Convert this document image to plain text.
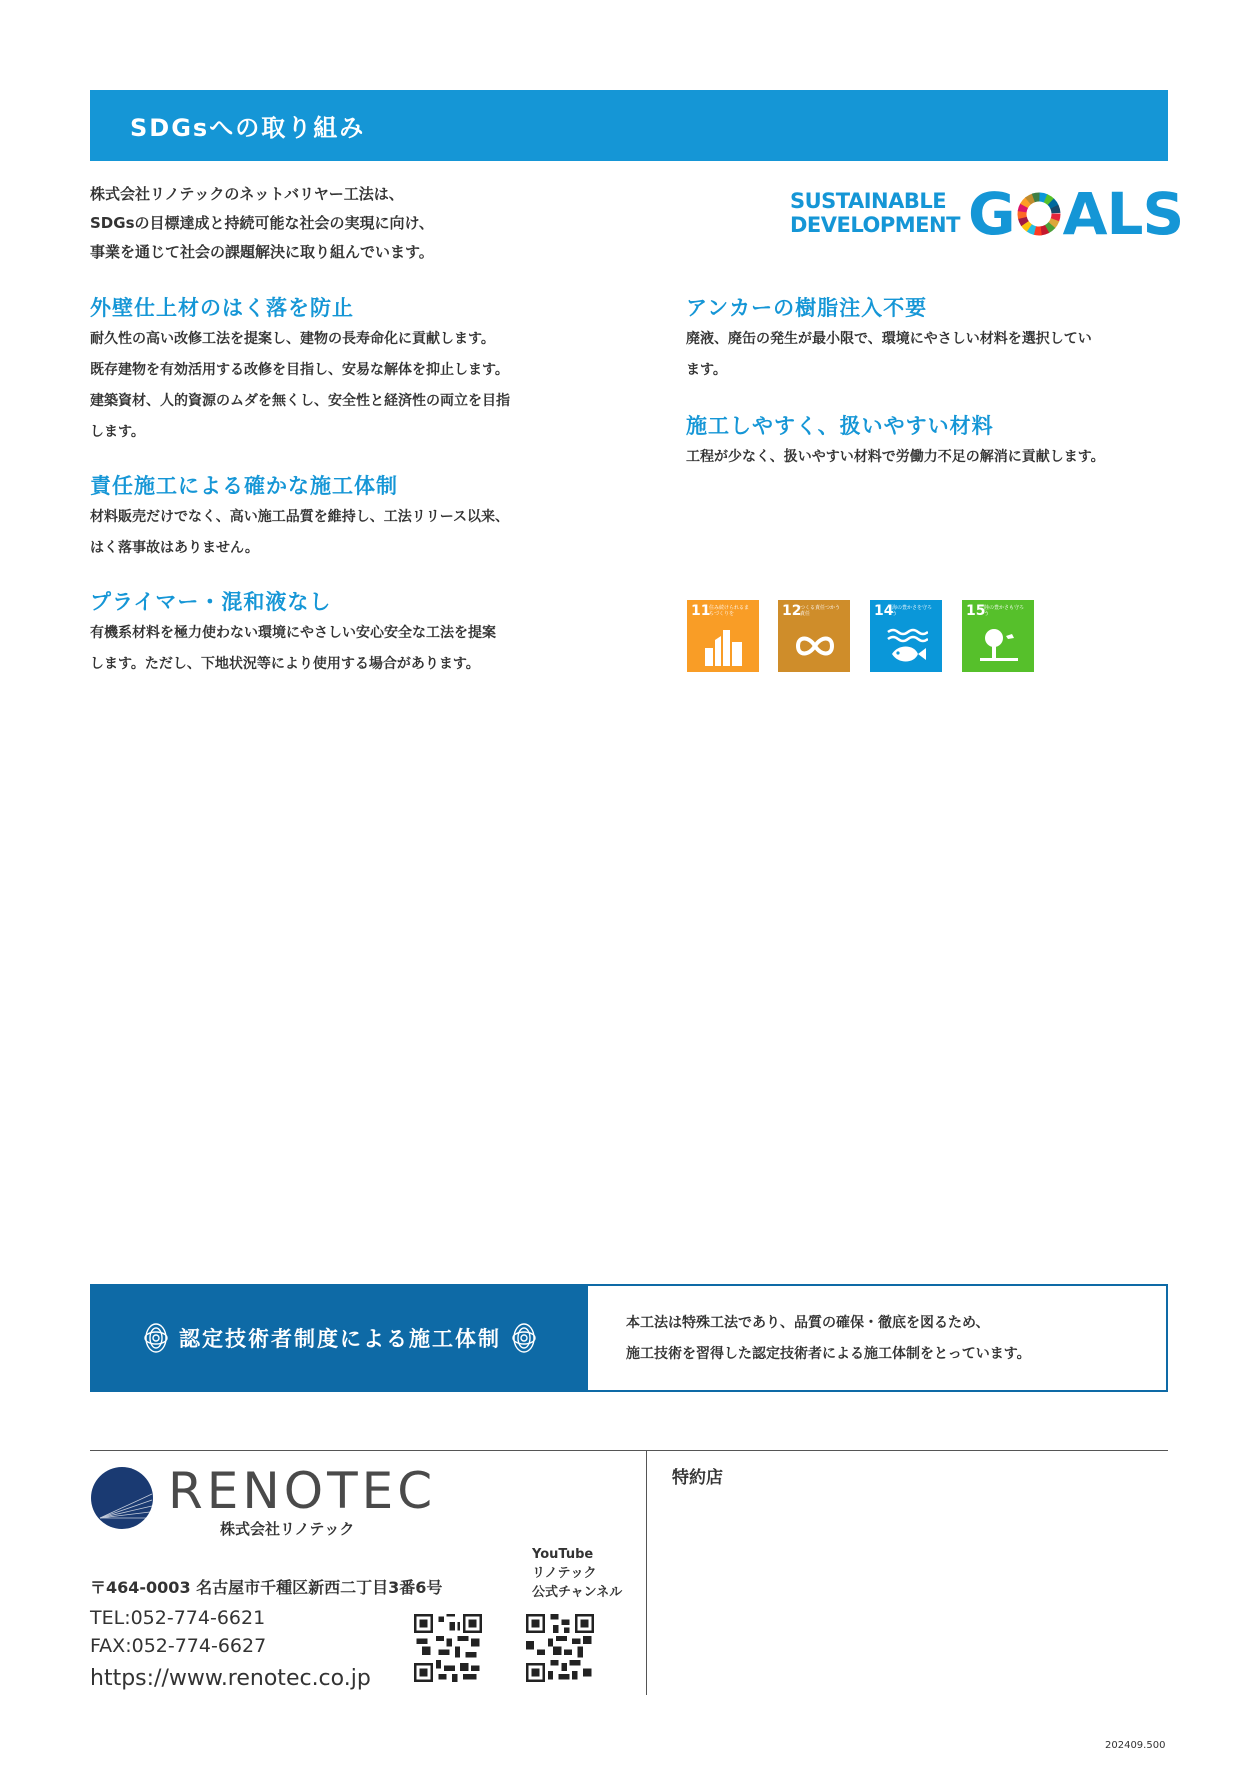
SDGsへの取り組み
株式会社リノテックのネットバリヤー工法は、
SDGsの目標達成と持続可能な社会の実現に向け、
事業を通じて社会の課題解決に取り組んでいます。
SUSTAINABLE
DEVELOPMENT G ALS
外壁仕上材のはく落を防止
耐久性の高い改修工法を提案し、建物の長寿命化に貢献します。
既存建物を有効活用する改修を目指し、安易な解体を抑止します。
建築資材、人的資源のムダを無くし、安全性と経済性の両立を目指
します。
責任施工による確かな施工体制
材料販売だけでなく、高い施工品質を維持し、工法リリース以来、
はく落事故はありません。
プライマー・混和液なし
有機系材料を極力使わない環境にやさしい安心安全な工法を提案
します。ただし、下地状況等により使用する場合があります。
アンカーの樹脂注入不要
廃液、廃缶の発生が最小限で、環境にやさしい材料を選択してい
ます。
施工しやすく、扱いやすい材料
工程が少なく、扱いやすい材料で労働力不足の解消に貢献します。
11
住み続けられるまちづくりを	12
つくる責任つかう責任	14
海の豊かさを守ろう	15
陸の豊かさも守ろう
認定技術者制度による施工体制
本工法は特殊工法であり、品質の確保・徹底を図るため、
施工技術を習得した認定技術者による施工体制をとっています。
RENOTEC
株式会社リノテック
〒464-0003 名古屋市千種区新西二丁目3番6号
TEL:052-774-6621
FAX:052-774-6627
https://www.renotec.co.jp
YouTube
リノテック
公式チャンネル
特約店
202409.500
